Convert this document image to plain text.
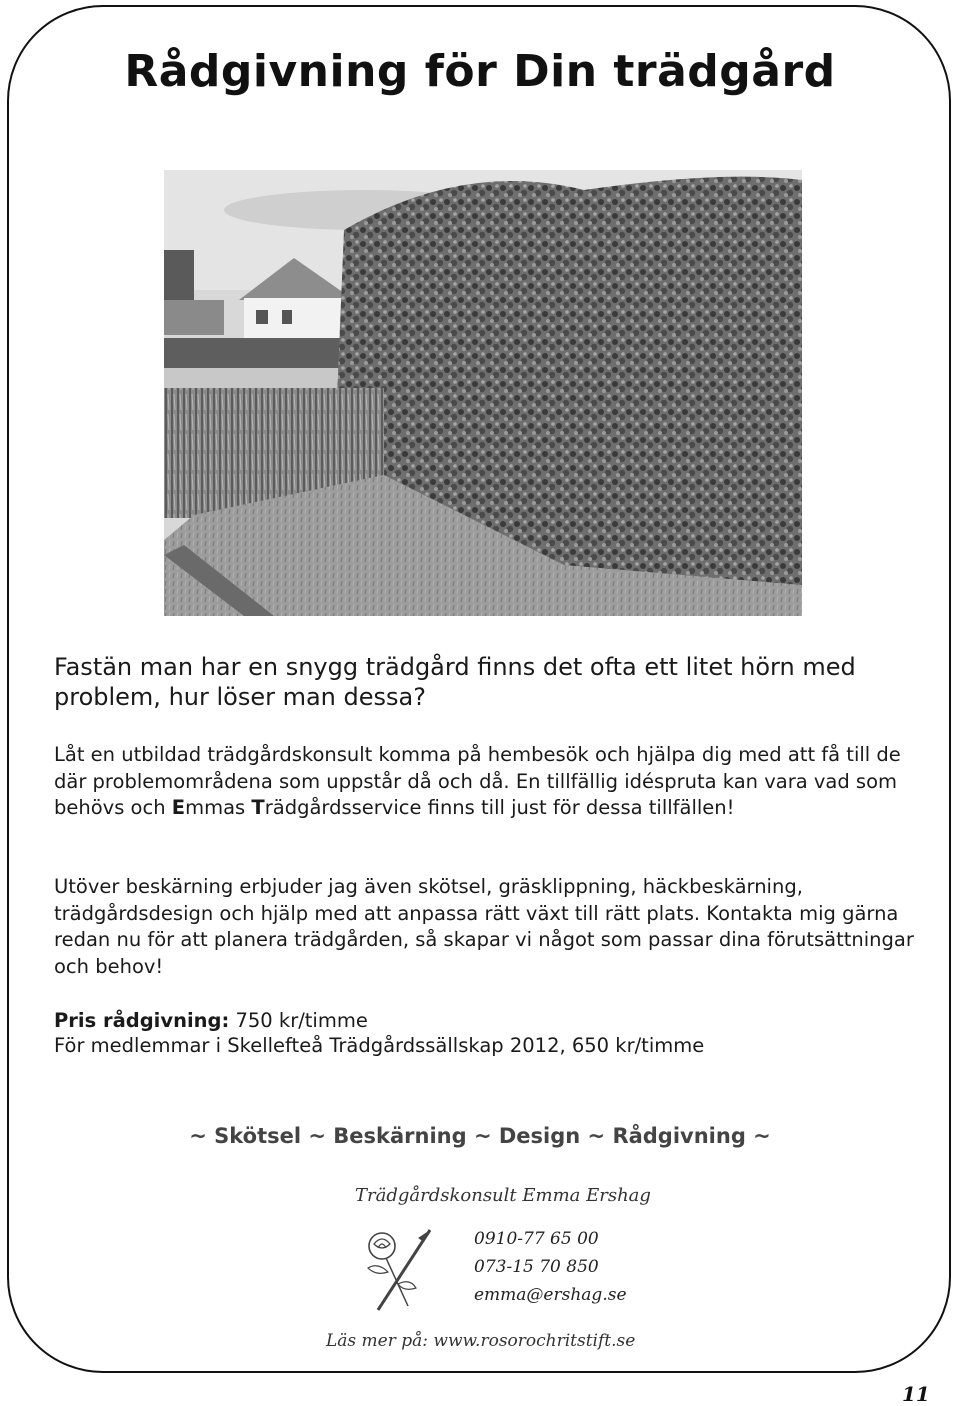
Rådgivning för Din trädgård
Fastän man har en snygg trädgård finns det ofta ett litet hörn med problem, hur löser man dessa?
Låt en utbildad trädgårdskonsult komma på hembesök och hjälpa dig med att få till de där problemområdena som uppstår då och då. En tillfällig idéspruta kan vara vad som behövs och Emmas Trädgårdsservice finns till just för dessa tillfällen!
Utöver beskärning erbjuder jag även skötsel, gräsklippning, häckbeskärning, trädgårdsdesign och hjälp med att anpassa rätt växt till rätt plats. Kontakta mig gärna redan nu för att planera trädgården, så skapar vi något som passar dina förutsättningar och behov!
Pris rådgivning: 750 kr/timme
För medlemmar i Skellefteå Trädgårdssällskap 2012, 650 kr/timme
~ Skötsel ~ Beskärning ~ Design ~ Rådgivning ~
Trädgårdskonsult Emma Ershag
0910-77 65 00
073-15 70 850
emma@ershag.se
Läs mer på: www.rosorochritstift.se
11
